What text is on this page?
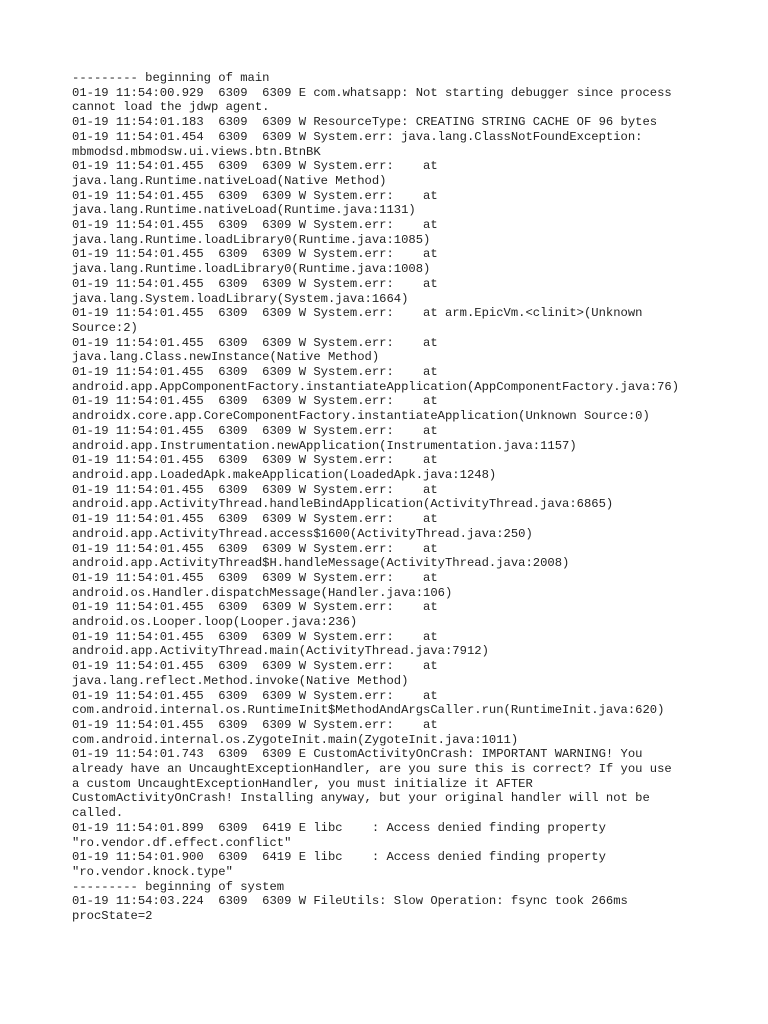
--------- beginning of main
01-19 11:54:00.929  6309  6309 E com.whatsapp: Not starting debugger since process
cannot load the jdwp agent.
01-19 11:54:01.183  6309  6309 W ResourceType: CREATING STRING CACHE OF 96 bytes
01-19 11:54:01.454  6309  6309 W System.err: java.lang.ClassNotFoundException:
mbmodsd.mbmodsw.ui.views.btn.BtnBK
01-19 11:54:01.455  6309  6309 W System.err:    at
java.lang.Runtime.nativeLoad(Native Method)
01-19 11:54:01.455  6309  6309 W System.err:    at
java.lang.Runtime.nativeLoad(Runtime.java:1131)
01-19 11:54:01.455  6309  6309 W System.err:    at
java.lang.Runtime.loadLibrary0(Runtime.java:1085)
01-19 11:54:01.455  6309  6309 W System.err:    at
java.lang.Runtime.loadLibrary0(Runtime.java:1008)
01-19 11:54:01.455  6309  6309 W System.err:    at
java.lang.System.loadLibrary(System.java:1664)
01-19 11:54:01.455  6309  6309 W System.err:    at arm.EpicVm.<clinit>(Unknown
Source:2)
01-19 11:54:01.455  6309  6309 W System.err:    at
java.lang.Class.newInstance(Native Method)
01-19 11:54:01.455  6309  6309 W System.err:    at
android.app.AppComponentFactory.instantiateApplication(AppComponentFactory.java:76)
01-19 11:54:01.455  6309  6309 W System.err:    at
androidx.core.app.CoreComponentFactory.instantiateApplication(Unknown Source:0)
01-19 11:54:01.455  6309  6309 W System.err:    at
android.app.Instrumentation.newApplication(Instrumentation.java:1157)
01-19 11:54:01.455  6309  6309 W System.err:    at
android.app.LoadedApk.makeApplication(LoadedApk.java:1248)
01-19 11:54:01.455  6309  6309 W System.err:    at
android.app.ActivityThread.handleBindApplication(ActivityThread.java:6865)
01-19 11:54:01.455  6309  6309 W System.err:    at
android.app.ActivityThread.access$1600(ActivityThread.java:250)
01-19 11:54:01.455  6309  6309 W System.err:    at
android.app.ActivityThread$H.handleMessage(ActivityThread.java:2008)
01-19 11:54:01.455  6309  6309 W System.err:    at
android.os.Handler.dispatchMessage(Handler.java:106)
01-19 11:54:01.455  6309  6309 W System.err:    at
android.os.Looper.loop(Looper.java:236)
01-19 11:54:01.455  6309  6309 W System.err:    at
android.app.ActivityThread.main(ActivityThread.java:7912)
01-19 11:54:01.455  6309  6309 W System.err:    at
java.lang.reflect.Method.invoke(Native Method)
01-19 11:54:01.455  6309  6309 W System.err:    at
com.android.internal.os.RuntimeInit$MethodAndArgsCaller.run(RuntimeInit.java:620)
01-19 11:54:01.455  6309  6309 W System.err:    at
com.android.internal.os.ZygoteInit.main(ZygoteInit.java:1011)
01-19 11:54:01.743  6309  6309 E CustomActivityOnCrash: IMPORTANT WARNING! You
already have an UncaughtExceptionHandler, are you sure this is correct? If you use
a custom UncaughtExceptionHandler, you must initialize it AFTER
CustomActivityOnCrash! Installing anyway, but your original handler will not be
called.
01-19 11:54:01.899  6309  6419 E libc    : Access denied finding property
"ro.vendor.df.effect.conflict"
01-19 11:54:01.900  6309  6419 E libc    : Access denied finding property
"ro.vendor.knock.type"
--------- beginning of system
01-19 11:54:03.224  6309  6309 W FileUtils: Slow Operation: fsync took 266ms
procState=2
